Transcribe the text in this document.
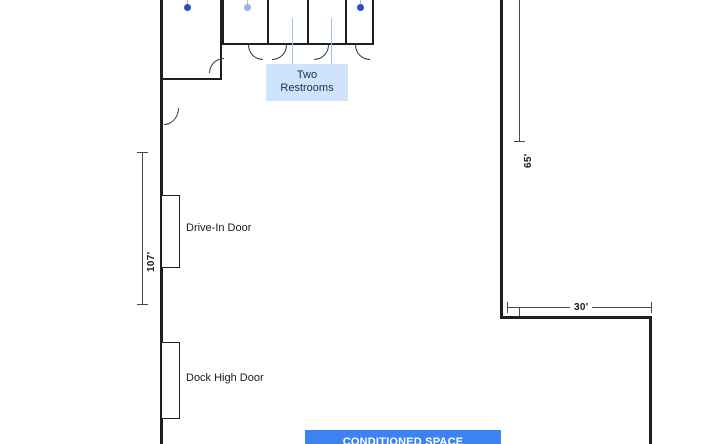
Two
Restrooms
CONDITIONED SPACE
Drive-In Door
Dock High Door
107'
65'
30'
